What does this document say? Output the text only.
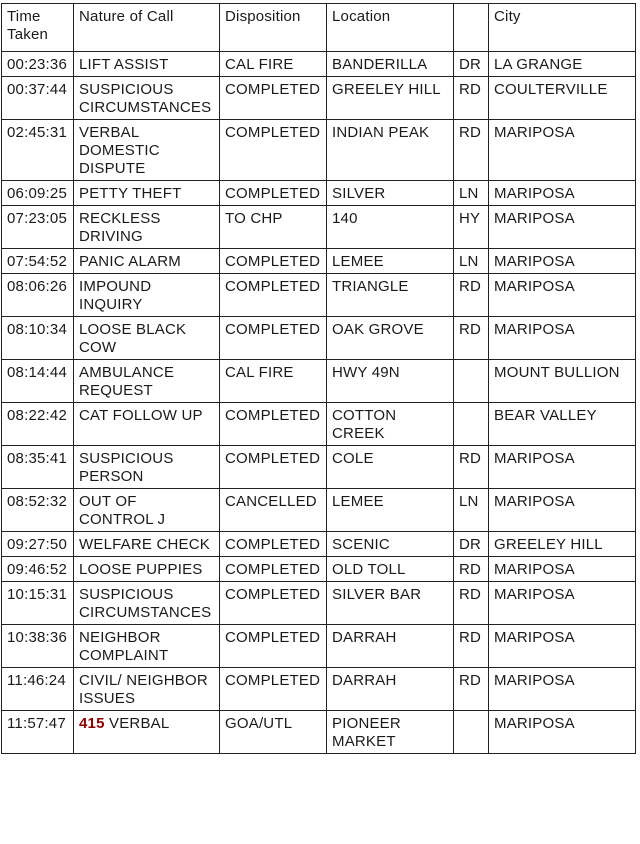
Time Taken	Nature of Call	Disposition	Location		City
00:23:36	LIFT ASSIST	CAL FIRE	BANDERILLA	DR	LA GRANGE
00:37:44	SUSPICIOUS CIRCUMSTANCES	COMPLETED	GREELEY HILL	RD	COULTERVILLE
02:45:31	VERBAL DOMESTIC DISPUTE	COMPLETED	INDIAN PEAK	RD	MARIPOSA
06:09:25	PETTY THEFT	COMPLETED	SILVER	LN	MARIPOSA
07:23:05	RECKLESS DRIVING	TO CHP	140	HY	MARIPOSA
07:54:52	PANIC ALARM	COMPLETED	LEMEE	LN	MARIPOSA
08:06:26	IMPOUND INQUIRY	COMPLETED	TRIANGLE	RD	MARIPOSA
08:10:34	LOOSE BLACK COW	COMPLETED	OAK GROVE	RD	MARIPOSA
08:14:44	AMBULANCE REQUEST	CAL FIRE	HWY 49N		MOUNT BULLION
08:22:42	CAT FOLLOW UP	COMPLETED	COTTON CREEK		BEAR VALLEY
08:35:41	SUSPICIOUS PERSON	COMPLETED	COLE	RD	MARIPOSA
08:52:32	OUT OF CONTROL J	CANCELLED	LEMEE	LN	MARIPOSA
09:27:50	WELFARE CHECK	COMPLETED	SCENIC	DR	GREELEY HILL
09:46:52	LOOSE PUPPIES	COMPLETED	OLD TOLL	RD	MARIPOSA
10:15:31	SUSPICIOUS CIRCUMSTANCES	COMPLETED	SILVER BAR	RD	MARIPOSA
10:38:36	NEIGHBOR COMPLAINT	COMPLETED	DARRAH	RD	MARIPOSA
11:46:24	CIVIL/ NEIGHBOR ISSUES	COMPLETED	DARRAH	RD	MARIPOSA
11:57:47	415 VERBAL	GOA/UTL	PIONEER MARKET		MARIPOSA
